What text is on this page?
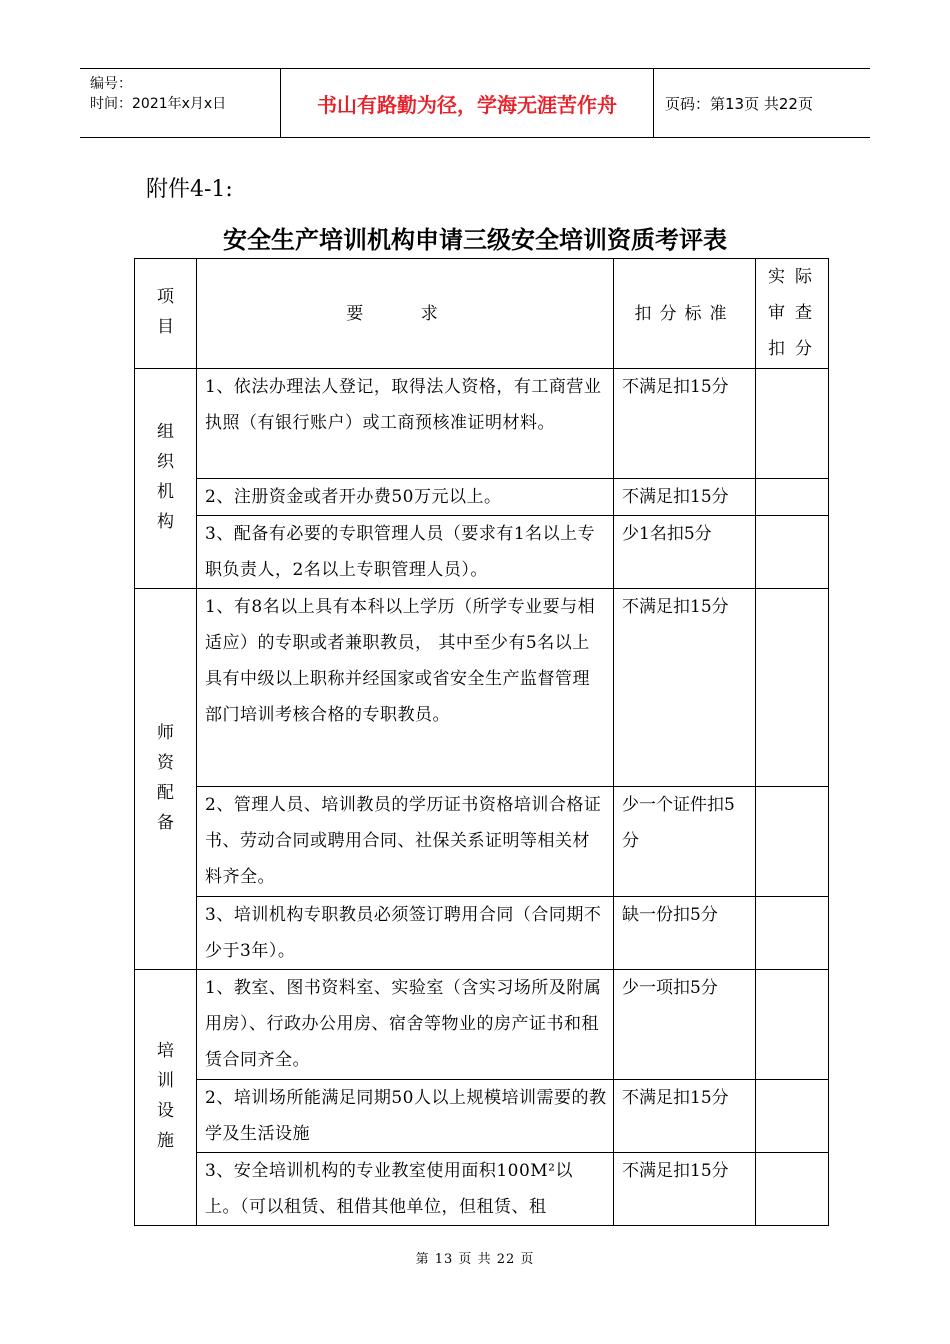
编号：
时间：2021年x月x日	书山有路勤为径，学海无涯苦作舟	页码：第13页 共22页
附件4-1:
安全生产培训机构申请三级安全培训资质考评表
项目	要 求	扣分标准	实际审查扣分
组织机构	1、依法办理法人登记，取得法人资格，有工商营业执照（有银行账户）或工商预核准证明材料。	不满足扣15分	
	2、注册资金或者开办费50万元以上。	不满足扣15分	
	3、配备有必要的专职管理人员（要求有1名以上专职负责人，2名以上专职管理人员）。	少1名扣5分	
师资配备	1、有8名以上具有本科以上学历（所学专业要与相适应）的专职或者兼职教员， 其中至少有5名以上具有中级以上职称并经国家或省安全生产监督管理部门培训考核合格的专职教员。	不满足扣15分	
	2、管理人员、培训教员的学历证书资格培训合格证书、劳动合同或聘用合同、社保关系证明等相关材料齐全。	少一个证件扣5分	
	3、培训机构专职教员必须签订聘用合同（合同期不少于3年）。	缺一份扣5分	
培训设施	1、教室、图书资料室、实验室（含实习场所及附属用房）、行政办公用房、宿舍等物业的房产证书和租赁合同齐全。	少一项扣5分	
	2、培训场所能满足同期50人以上规模培训需要的教学及生活设施	不满足扣15分	
	3、安全培训机构的专业教室使用面积100M²以上。（可以租赁、租借其他单位，但租赁、租	不满足扣15分	
第 13 页 共 22 页
